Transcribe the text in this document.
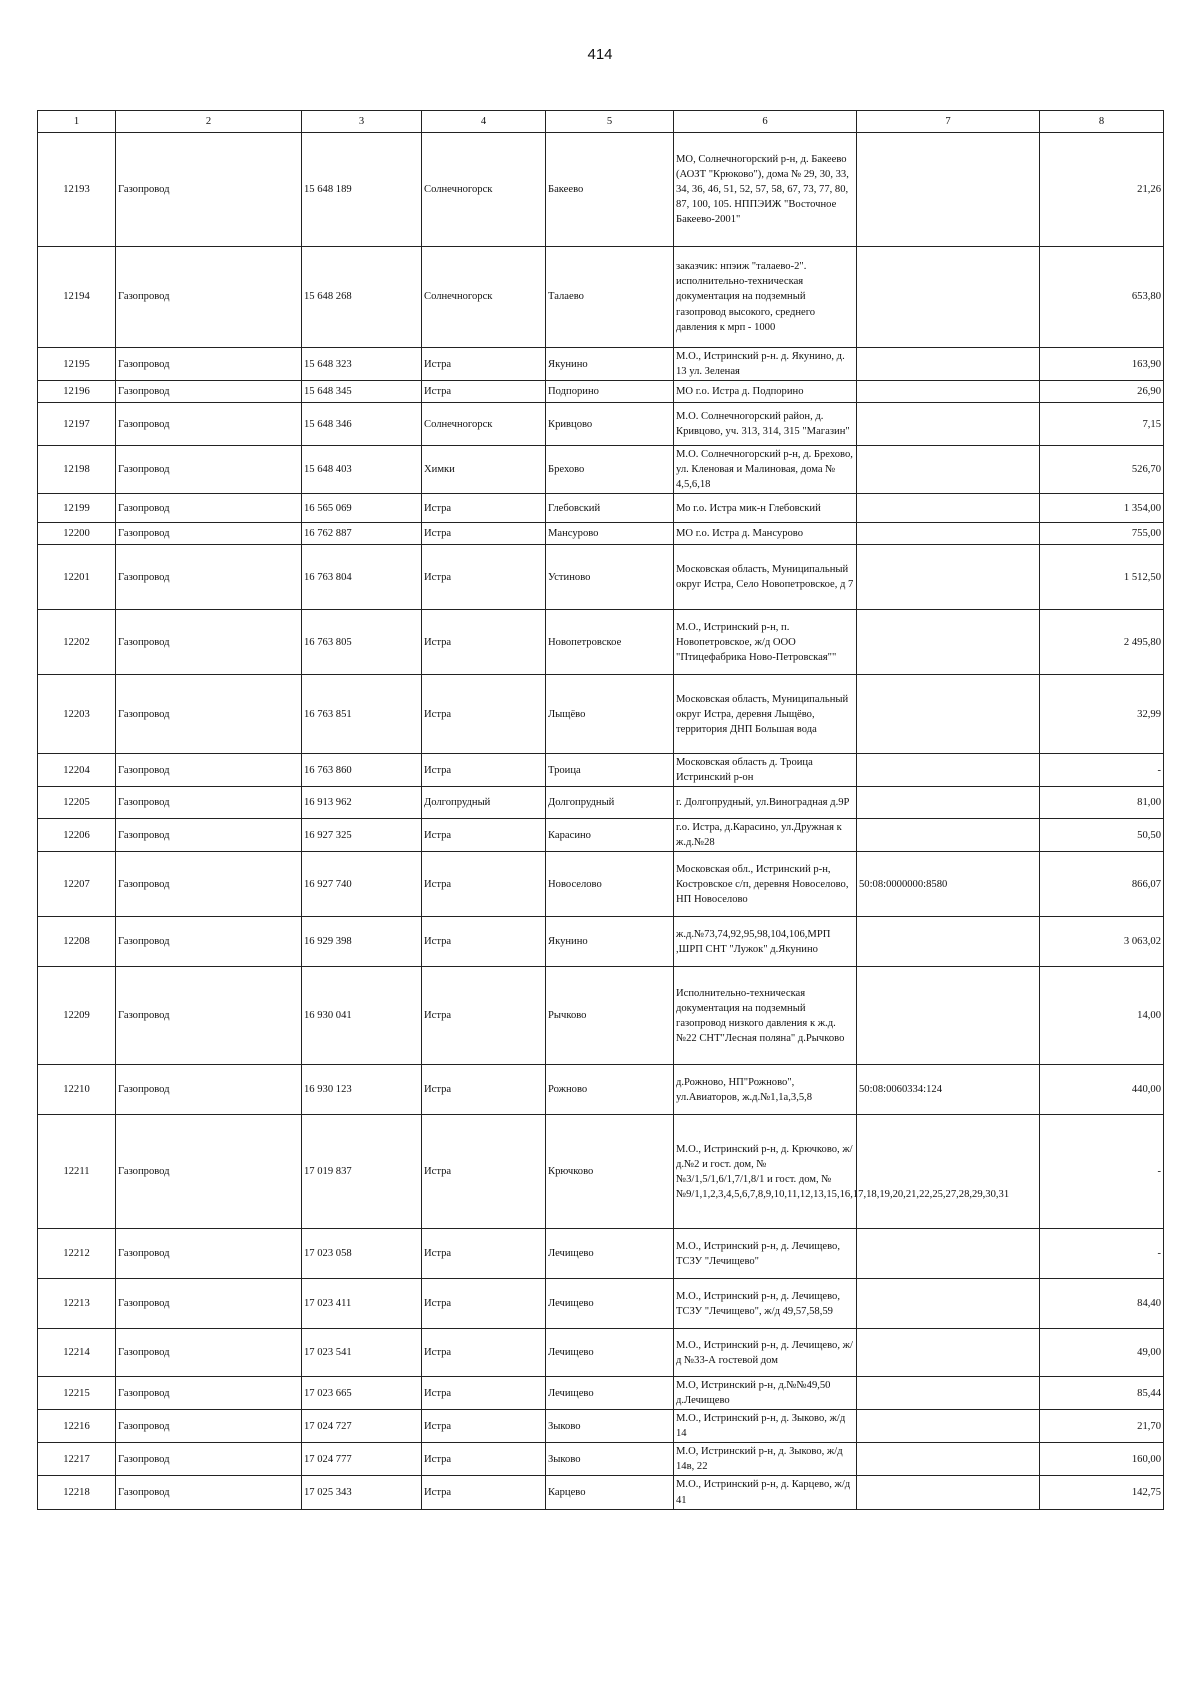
414
1	2	3	4	5	6	7	8
12193	Газопровод	15 648 189	Солнечногорск	Бакеево	МО, Солнечногорский р-н, д. Бакеево (АОЗТ "Крюково"), дома № 29, 30, 33, 34, 36, 46, 51, 52, 57, 58, 67, 73, 77, 80, 87, 100, 105. НППЭИЖ "Восточное Бакеево-2001"		21,26
12194	Газопровод	15 648 268	Солнечногорск	Талаево	заказчик: нпэиж "талаево-2". исполнительно-техническая документация на подземный газопровод высокого, среднего давления к мрп - 1000		653,80
12195	Газопровод	15 648 323	Истра	Якунино	М.О., Истринский р-н. д. Якунино, д. 13 ул. Зеленая		163,90
12196	Газопровод	15 648 345	Истра	Подпорино	МО г.о. Истра д. Подпорино		26,90
12197	Газопровод	15 648 346	Солнечногорск	Кривцово	М.О. Солнечногорский район, д. Кривцово, уч. 313, 314, 315 "Магазин"		7,15
12198	Газопровод	15 648 403	Химки	Брехово	М.О. Солнечногорский р-н, д. Брехово, ул. Кленовая и Малиновая, дома № 4,5,6,18		526,70
12199	Газопровод	16 565 069	Истра	Глебовский	Мо г.о. Истра мик-н Глебовский		1 354,00
12200	Газопровод	16 762 887	Истра	Мансурово	МО г.о. Истра д. Мансурово		755,00
12201	Газопровод	16 763 804	Истра	Устиново	Московская область, Муниципальный округ Истра, Село Новопетровское, д 7		1 512,50
12202	Газопровод	16 763 805	Истра	Новопетровское	М.О., Истринский р-н, п. Новопетровское, ж/д ООО "Птицефабрика Ново-Петровская""		2 495,80
12203	Газопровод	16 763 851	Истра	Лыщёво	Московская область, Муниципальный округ Истра, деревня Лыщёво, территория ДНП Большая вода		32,99
12204	Газопровод	16 763 860	Истра	Троица	Московская область д. Троица Истринский р-он		-
12205	Газопровод	16 913 962	Долгопрудный	Долгопрудный	г. Долгопрудный, ул.Виноградная д.9Р		81,00
12206	Газопровод	16 927 325	Истра	Карасино	г.о. Истра, д.Карасино, ул.Дружная к ж.д.№28		50,50
12207	Газопровод	16 927 740	Истра	Новоселово	Московская обл., Истринский р-н, Костровское с/п, деревня Новоселово, НП Новоселово	50:08:0000000:8580	866,07
12208	Газопровод	16 929 398	Истра	Якунино	ж.д.№73,74,92,95,98,104,106,МРП ,ШРП СНТ "Лужок" д.Якунино		3 063,02
12209	Газопровод	16 930 041	Истра	Рычково	Исполнительно-техническая документация на подземный газопровод низкого давления к ж.д.№22 СНТ"Лесная поляна" д.Рычково		14,00
12210	Газопровод	16 930 123	Истра	Рожново	д.Рожново, НП"Рожново", ул.Авиаторов, ж.д.№1,1а,3,5,8	50:08:0060334:124	440,00
12211	Газопровод	17 019 837	Истра	Крючково	М.О., Истринский р-н, д. Крючково, ж/д.№2 и гост. дом, №№3/1,5/1,6/1,7/1,8/1 и гост. дом, №№9/1,1,2,3,4,5,6,7,8,9,10,11,12,13,15,16,17,18,19,20,21,22,25,27,28,29,30,31		-
12212	Газопровод	17 023 058	Истра	Лечищево	М.О., Истринский р-н, д. Лечищево, ТСЗУ "Лечищево"		-
12213	Газопровод	17 023 411	Истра	Лечищево	М.О., Истринский р-н, д. Лечищево, ТСЗУ "Лечищево", ж/д 49,57,58,59		84,40
12214	Газопровод	17 023 541	Истра	Лечищево	М.О., Истринский р-н, д. Лечищево, ж/д №33-А гостевой дом		49,00
12215	Газопровод	17 023 665	Истра	Лечищево	М.О, Истринский р-н, д.№№49,50 д.Лечищево		85,44
12216	Газопровод	17 024 727	Истра	Зыково	М.О., Истринский р-н, д. Зыково, ж/д 14		21,70
12217	Газопровод	17 024 777	Истра	Зыково	М.О, Истринский р-н, д. Зыково, ж/д 14в, 22		160,00
12218	Газопровод	17 025 343	Истра	Карцево	М.О., Истринский р-н, д. Карцево, ж/д 41		142,75
